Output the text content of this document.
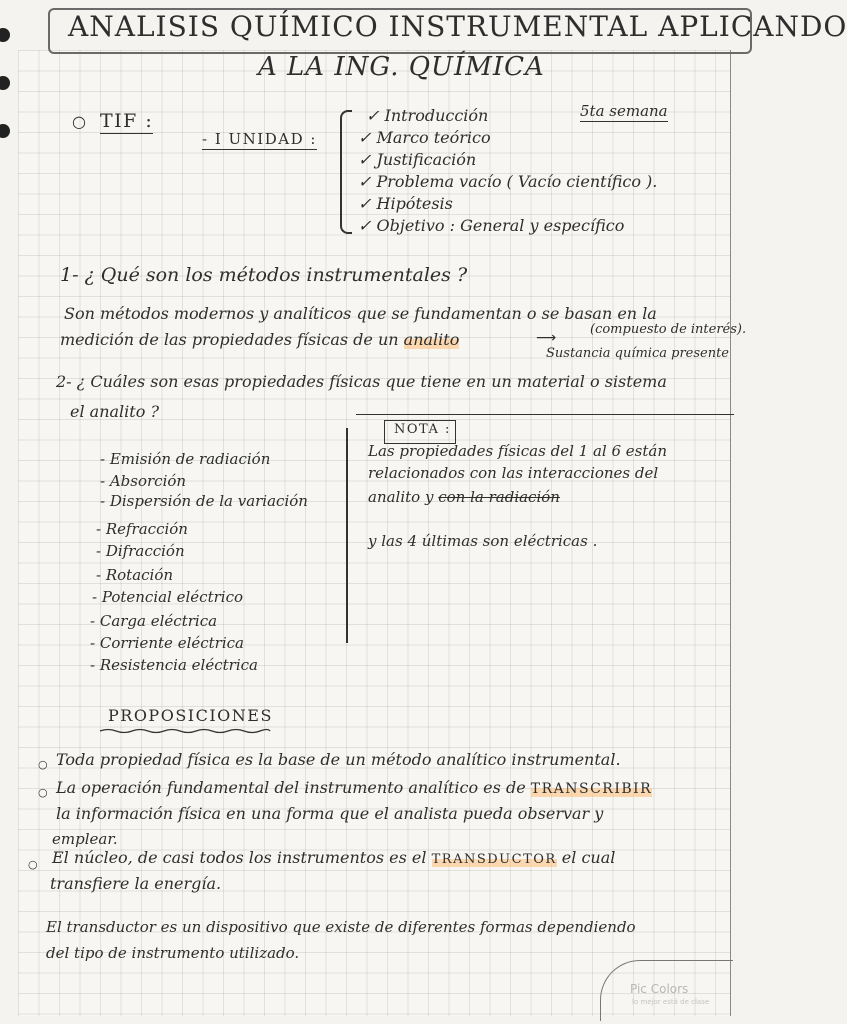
ANALISIS QUÍMICO INSTRUMENTAL APLICANDO
A LA ING. QUÍMICA
○ TIF :	5ta semana
- I UNIDAD :
✓ Introducción
✓ Marco teórico
✓ Justificación
✓ Problema vacío ( Vacío científico ).
✓ Hipótesis
✓ Objetivo : General y específico
1- ¿ Qué son los métodos instrumentales ?
Son métodos modernos y analíticos que se fundamentan o se basan en la
medición de las propiedades físicas de un analito	⟶
(compuesto de interés).
Sustancia química presente
2- ¿ Cuáles son esas propiedades físicas que tiene en un material o sistema
el analito ?
- Emisión de radiación
- Absorción
- Dispersión de la variación
- Refracción
- Difracción
- Rotación
- Potencial eléctrico
- Carga eléctrica
- Corriente eléctrica
- Resistencia eléctrica
NOTA :
Las propiedades físicas del 1 al 6 están
relacionados con las interacciones del
analito y con la radiación
y las 4 últimas son eléctricas .
PROPOSICIONES
○ Toda propiedad física es la base de un método analítico instrumental.
○ La operación fundamental del instrumento analítico es de TRANSCRIBIR
la información física en una forma que el analista pueda observar y
emplear.
○ El núcleo, de casi todos los instrumentos es el TRANSDUCTOR el cual
transfiere la energía.
El transductor es un dispositivo que existe de diferentes formas dependiendo
del tipo de instrumento utilizado.
Pic Colors
lo mejor está de clase
